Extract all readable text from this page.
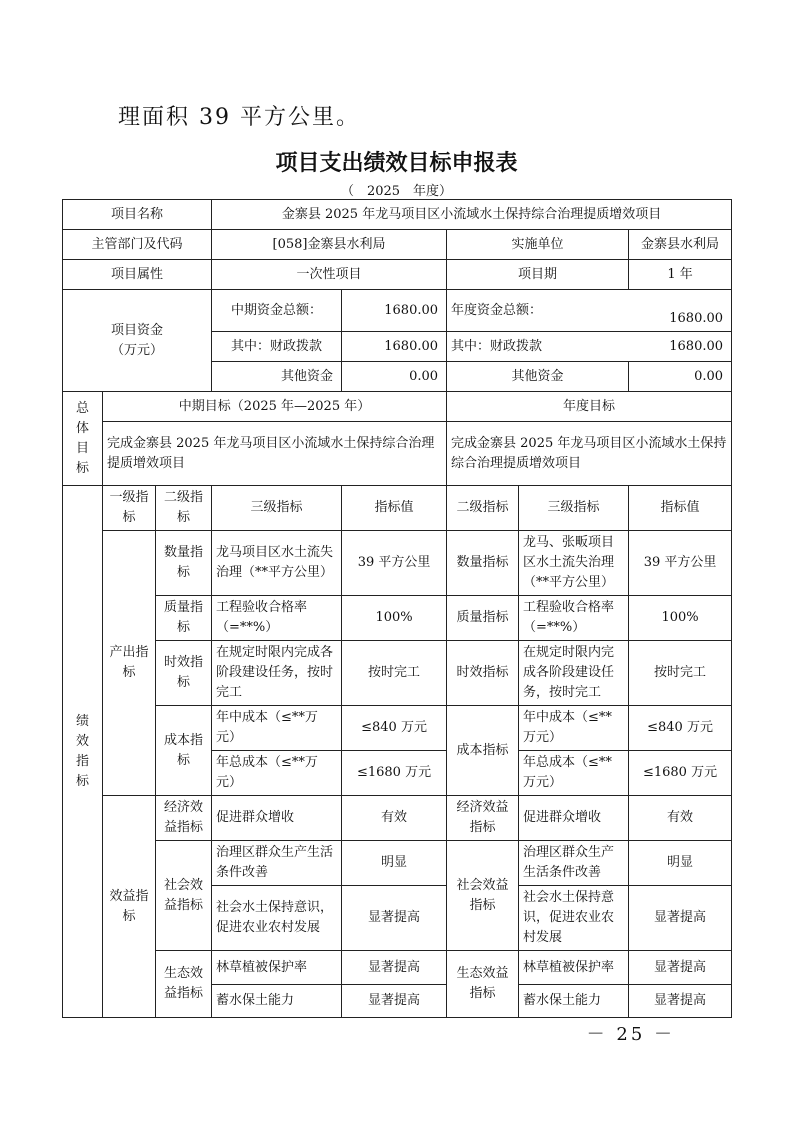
理面积 39 平方公里。
项目支出绩效目标申报表
（　2025　年度）
项目名称			金寨县 2025 年龙马项目区小流域水土保持综合治理提质增效项目				
主管部门及代码			[058]金寨县水利局		实施单位		金寨县水利局
项目属性			一次性项目		项目期		1 年

项目资金
（万元）			中期资金总额：	1680.00	年度资金总额：		1680.00
			其中：财政拨款	1680.00	其中：财政拨款		1680.00
			其他资金	0.00	其他资金		0.00
总体目标	中期目标（2025 年—2025 年）				年度目标		
	完成金寨县 2025 年龙马项目区小流域水土保持综合治理提质增效项目				完成金寨县 2025 年龙马项目区小流域水土保持综合治理提质增效项目		
绩效指标	一级指标	二级指标	三级指标	指标值	二级指标	三级指标	指标值
	产出指标	数量指标	龙马项目区水土流失治理（**平方公里）	39 平方公里	数量指标	龙马、张畈项目区水土流失治理（**平方公里）	39 平方公里
		质量指标	工程验收合格率（=**%）	100%	质量指标	工程验收合格率（=**%）	100%
		时效指标	在规定时限内完成各阶段建设任务，按时完工	按时完工	时效指标	在规定时限内完成各阶段建设任务，按时完工	按时完工
		成本指标	年中成本（≤**万元）	≤840 万元	成本指标	年中成本（≤**万元）	≤840 万元
			年总成本（≤**万元）	≤1680 万元		年总成本（≤**万元）	≤1680 万元
	效益指标	经济效益指标	促进群众增收	有效	经济效益指标	促进群众增收	有效
		社会效益指标	治理区群众生产生活条件改善	明显	社会效益指标	治理区群众生产生活条件改善	明显
			社会水土保持意识，促进农业农村发展	显著提高		社会水土保持意识，促进农业农村发展	显著提高

		生态效益指标	林草植被保护率	显著提高	生态效益指标	林草植被保护率	显著提高
			蓄水保土能力	显著提高		蓄水保土能力	显著提高

－ 25 －
